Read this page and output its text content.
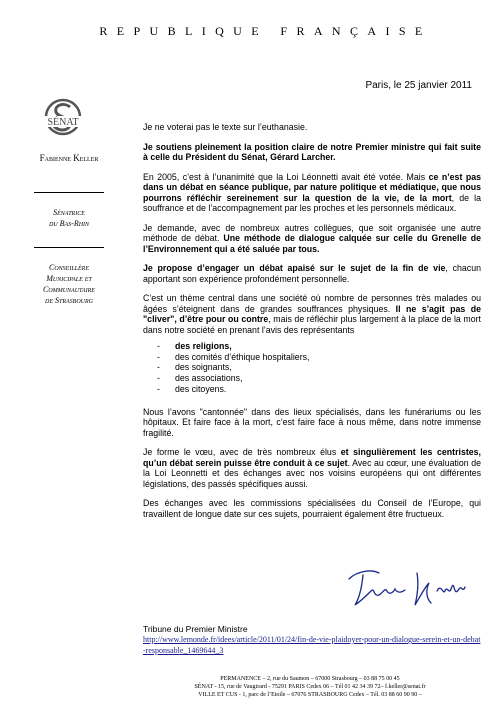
REPUBLIQUE FRANÇAISE
Paris, le 25 janvier 2011
SÉNAT
Fabienne Keller
Sénatrice
du Bas-Rhin
Conseillère
Municipale et
Communautaire
de Strasbourg

Je ne voterai pas le texte sur l’euthanasie.

Je soutiens pleinement la position claire de notre Premier ministre qui fait suite à celle du Président du Sénat, Gérard Larcher.

En 2005, c’est à l’unanimité que la Loi Léonnetti avait été votée. Mais ce n’est pas dans un débat en séance publique, par nature politique et médiatique, que nous pourrons réfléchir sereinement sur la question de la vie, de la mort, de la souffrance et de l’accompagnement par les proches et les personnels médicaux.

Je demande, avec de nombreux autres collègues, que soit organisée une autre méthode de débat. Une méthode de dialogue calquée sur celle du Grenelle de l’Environnement qui a été saluée par tous.

Je propose d’engager un débat apaisé sur le sujet de la fin de vie, chacun apportant son expérience profondément personnelle.

C’est un thème central dans une société où nombre de personnes très malades ou âgées s’éteignent dans de grandes souffrances physiques. Il ne s’agit pas de "cliver", d’être pour ou contre, mais de réfléchir plus largement à la place de la mort dans notre société en prenant l’avis des représentants

- des religions,
- des comités d’éthique hospitaliers,
- des soignants,
- des associations,
- des citoyens.

Nous l’avons "cantonnée" dans des lieux spécialisés, dans les funérariums ou les hôpitaux. Et faire face à la mort, c’est faire face à nous même, dans notre immense fragilité.

Je forme le vœu, avec de très nombreux élus et singulièrement les centristes, qu’un débat serein puisse être conduit à ce sujet. Avec au cœur, une évaluation de la Loi Leonnetti et des échanges avec nos voisins européens qui ont différentes législations, des passés spécifiques aussi.

Des échanges avec les commissions spécialisées du Conseil de l’Europe, qui travaillent de longue date sur ces sujets, pourraient également être fructueux.

Tribune du Premier Ministre
http://www.lemonde.fr/idees/article/2011/01/24/fin-de-vie-plaidoyer-pour-un-dialogue-serein-et-un-debat-responsable_1469644_3
PERMANENCE – 2, rue du Saumon – 67000 Strasbourg – 03 88 75 00 45
SÉNAT - 15, rue de Vaugirard - 75291 PARIS Cedex 06 – Tél 01 42 34 39 72– f.keller@senat.fr
VILLE ET CUS - 1, parc de l’Etoile – 67076 STRASBOURG Cedex – Tél. 03 88 60 90 90 –
